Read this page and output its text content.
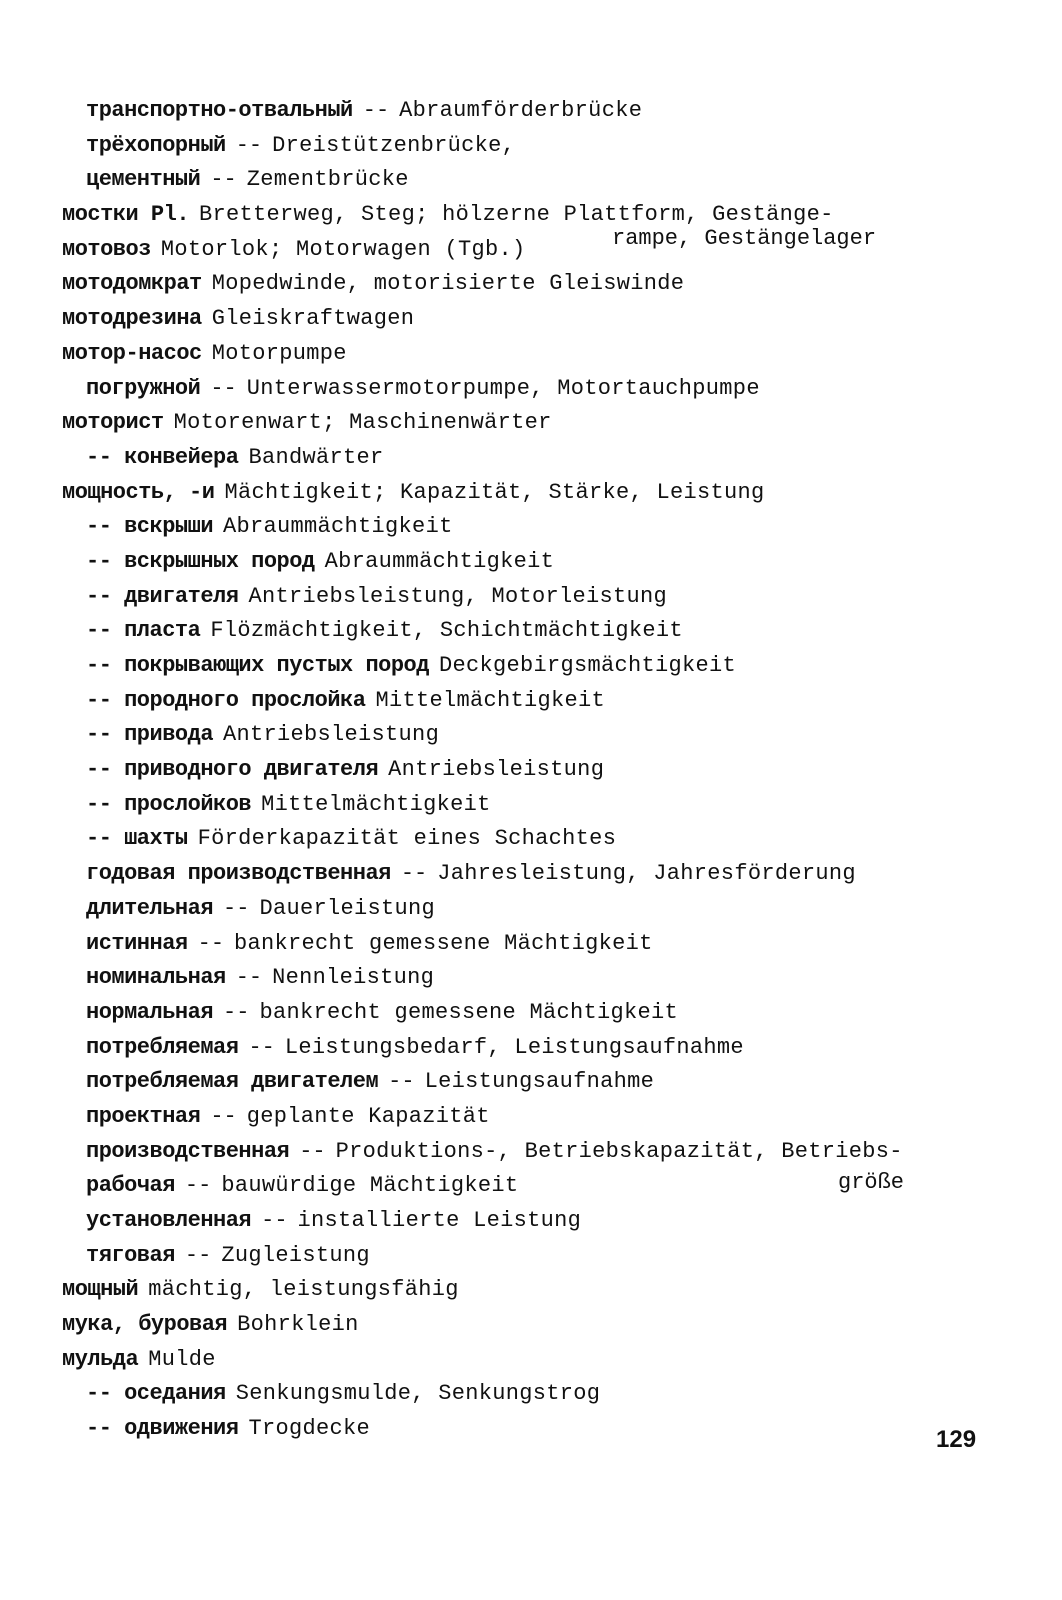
транспортно-отвальный -- Abraumförderbrücke
трёхопорный -- Dreistützenbrücke,
цементный -- Zementbrücke
мостки Pl. Bretterweg, Steg; hölzerne Plattform, Gestänge-
мотовоз Motorlok; Motorwagen (Tgb.)
мотодомкрат Mopedwinde, motorisierte Gleiswinde
мотодрезина Gleiskraftwagen
мотор-насос Motorpumpe
погружной -- Unterwassermotorpumpe, Motortauchpumpe
моторист Motorenwart; Maschinenwärter
-- конвейера Bandwärter
мощность, -и Mächtigkeit; Kapazität, Stärke, Leistung
-- вскрыши Abraummächtigkeit
-- вскрышных пород Abraummächtigkeit
-- двигателя Antriebsleistung, Motorleistung
-- пласта Flözmächtigkeit, Schichtmächtigkeit
-- покрывающих пустых пород Deckgebirgsmächtigkeit
-- породного прослойка Mittelmächtigkeit
-- привода Antriebsleistung
-- приводного двигателя Antriebsleistung
-- прослойков Mittelmächtigkeit
-- шахты Förderkapazität eines Schachtes
годовая производственная -- Jahresleistung, Jahresförderung
длительная -- Dauerleistung
истинная -- bankrecht gemessene Mächtigkeit
номинальная -- Nennleistung
нормальная -- bankrecht gemessene Mächtigkeit
потребляемая -- Leistungsbedarf, Leistungsaufnahme
потребляемая двигателем -- Leistungsaufnahme
проектная -- geplante Kapazität
производственная -- Produktions-, Betriebskapazität, Betriebs-
рабочая -- bauwürdige Mächtigkeit
установленная -- installierte Leistung
тяговая -- Zugleistung
мощный mächtig, leistungsfähig
мука, буровая Bohrklein
мульда Mulde
-- оседания Senkungsmulde, Senkungstrog
-- одвижения Trogdecke
rampe, Gestängelager
größe
129
